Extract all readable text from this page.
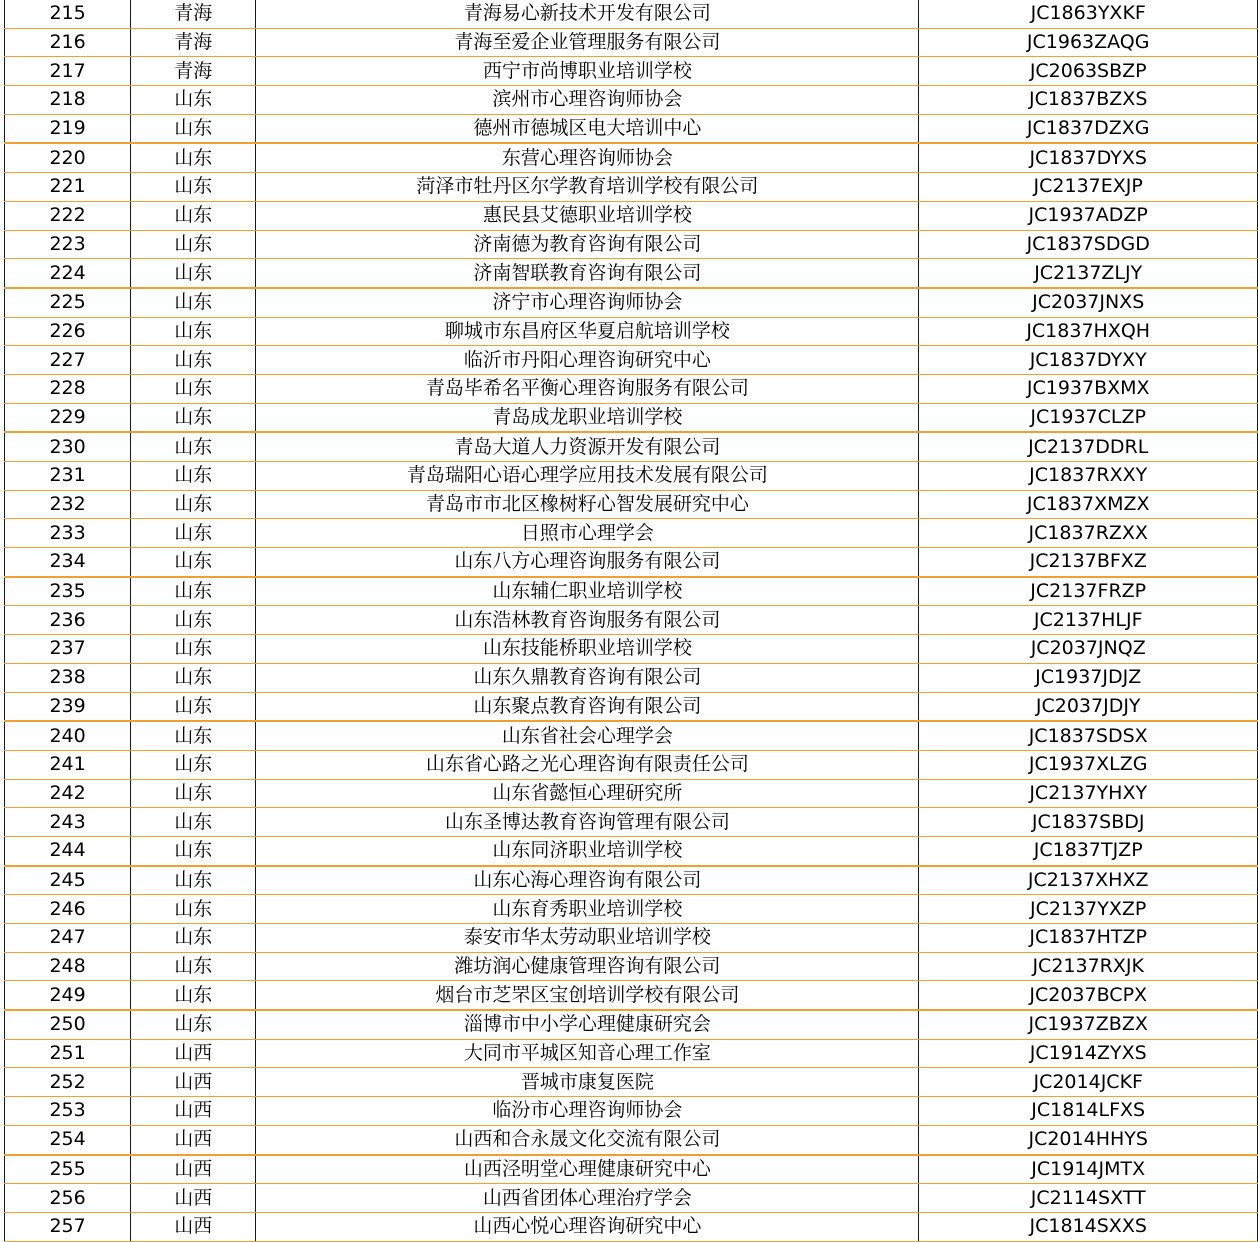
215	青海	青海易心新技术开发有限公司	JC1863YXKF
216	青海	青海至爱企业管理服务有限公司	JC1963ZAQG
217	青海	西宁市尚博职业培训学校	JC2063SBZP
218	山东	滨州市心理咨询师协会	JC1837BZXS
219	山东	德州市德城区电大培训中心	JC1837DZXG
220	山东	东营心理咨询师协会	JC1837DYXS
221	山东	菏泽市牡丹区尔学教育培训学校有限公司	JC2137EXJP
222	山东	惠民县艾德职业培训学校	JC1937ADZP
223	山东	济南德为教育咨询有限公司	JC1837SDGD
224	山东	济南智联教育咨询有限公司	JC2137ZLJY
225	山东	济宁市心理咨询师协会	JC2037JNXS
226	山东	聊城市东昌府区华夏启航培训学校	JC1837HXQH
227	山东	临沂市丹阳心理咨询研究中心	JC1837DYXY
228	山东	青岛毕希名平衡心理咨询服务有限公司	JC1937BXMX
229	山东	青岛成龙职业培训学校	JC1937CLZP
230	山东	青岛大道人力资源开发有限公司	JC2137DDRL
231	山东	青岛瑞阳心语心理学应用技术发展有限公司	JC1837RXXY
232	山东	青岛市市北区橡树籽心智发展研究中心	JC1837XMZX
233	山东	日照市心理学会	JC1837RZXX
234	山东	山东八方心理咨询服务有限公司	JC2137BFXZ
235	山东	山东辅仁职业培训学校	JC2137FRZP
236	山东	山东浩林教育咨询服务有限公司	JC2137HLJF
237	山东	山东技能桥职业培训学校	JC2037JNQZ
238	山东	山东久鼎教育咨询有限公司	JC1937JDJZ
239	山东	山东聚点教育咨询有限公司	JC2037JDJY
240	山东	山东省社会心理学会	JC1837SDSX
241	山东	山东省心路之光心理咨询有限责任公司	JC1937XLZG
242	山东	山东省懿恒心理研究所	JC2137YHXY
243	山东	山东圣博达教育咨询管理有限公司	JC1837SBDJ
244	山东	山东同济职业培训学校	JC1837TJZP
245	山东	山东心海心理咨询有限公司	JC2137XHXZ
246	山东	山东育秀职业培训学校	JC2137YXZP
247	山东	泰安市华太劳动职业培训学校	JC1837HTZP
248	山东	潍坊润心健康管理咨询有限公司	JC2137RXJK
249	山东	烟台市芝罘区宝创培训学校有限公司	JC2037BCPX
250	山东	淄博市中小学心理健康研究会	JC1937ZBZX
251	山西	大同市平城区知音心理工作室	JC1914ZYXS
252	山西	晋城市康复医院	JC2014JCKF
253	山西	临汾市心理咨询师协会	JC1814LFXS
254	山西	山西和合永晟文化交流有限公司	JC2014HHYS
255	山西	山西泾明堂心理健康研究中心	JC1914JMTX
256	山西	山西省团体心理治疗学会	JC2114SXTT
257	山西	山西心悦心理咨询研究中心	JC1814SXXS
